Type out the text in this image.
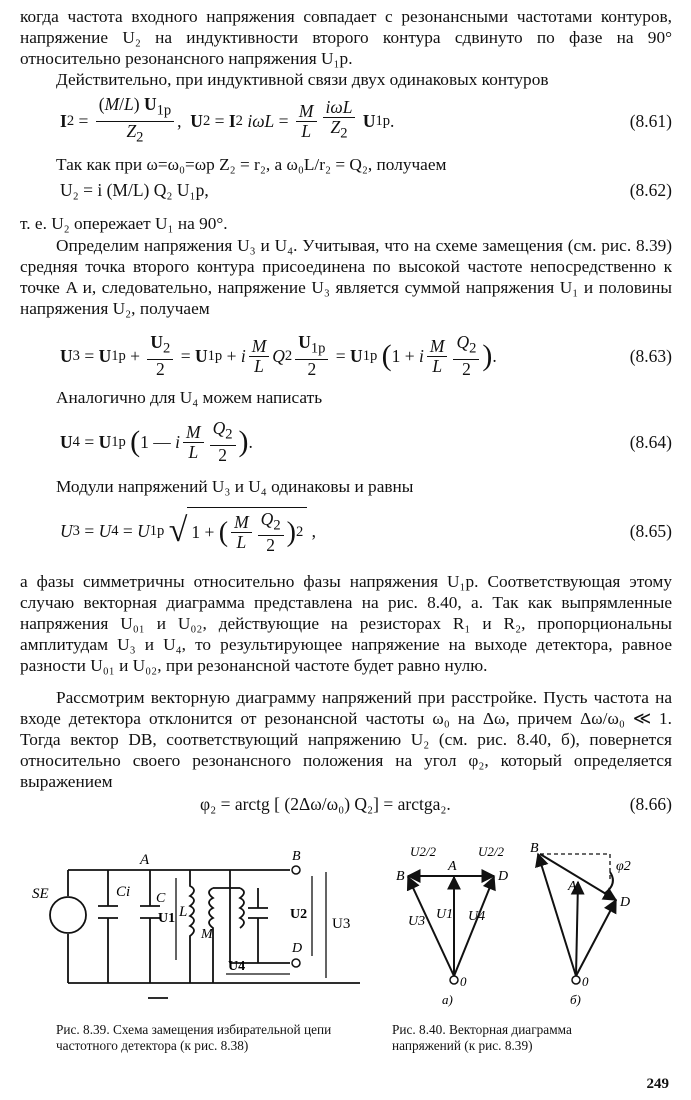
когда частота входного напряжения совпадает с резонансными частотами контуров, напряжение U₂ на индуктивности второго контура сдвинуто по фазе на 90° относительно резонансного напряжения U₁р.

Действительно, при индуктивной связи двух одинаковых контуров

I $2 = \frac{(M/L) U_{1р}}{Z_2}$ , U 2 = I 2
$i\omega L = \frac{M}{L} \frac{\text{iωL}}{Z_2}$
U 1р .	(8.61)

Так как при ω=ω₀=ωр Z₂ = r₂, а ω₀L/r₂ = Q₂, получаем

U₂ = i (M/L) Q₂ U₁р,	(8.62)

т. е. U₂ опережает U₁ на 90°.

Определим напряжения U₃ и U₄. Учитывая, что на схеме замещения (см. рис. 8.39) средняя точка второго контура присоединена по высокой частоте непосредственно к точке A и, следовательно, напряжение U₃ является суммой напряжения U₁ и половины напряжения U₂, получаем

U 3 = U $1р + \frac{U_2}{2} = U$ 1р + i $\frac{M}{L}$ Q $2 \frac{U_{1р}}{2} = U$ 1р
( 1 + i $\frac{M}{L} \frac{Q_2}{2}$ ) .	(8.63)

Аналогично для U₄ можем написать

U 4 = U 1р
( 1 — i $\frac{M}{L} \frac{Q_2}{2}$ ) .	(8.64)

Модули напряжений U₃ и U₄ одинаковы и равны

U 3 = U 4 = U 1р
√ 1 + ( $\frac{M}{L} \frac{Q_2}{2}$ ) 2 ,	(8.65)

а фазы симметричны относительно фазы напряжения U₁р. Соответствующая этому случаю векторная диаграмма представлена на рис. 8.40, а. Так как выпрямленные напряжения U₀₁ и U₀₂, действующие на резисторах R₁ и R₂, пропорциональны амплитудам U₃ и U₄, то результирующее напряжение на выходе детектора, равное разности U₀₁ и U₀₂, при резонансной частоте будет равно нулю.

Рассмотрим векторную диаграмму напряжений при расстройке. Пусть частота на входе детектора отклонится от резонансной частоты ω₀ на Δω, причем Δω/ω₀ ≪ 1. Тогда вектор DB, соответствующий напряжению U₂ (см. рис. 8.40, б), повернется относительно своего резонансного положения на угол φ₂, который определяется выражением

φ₂ = arctg [ (2Δω/ω₀) Q₂] = arctga₂.	(8.66)
SE	Ci C
U1 L
M
A	B
D
U2
U3
U4
U2/2	U2/2
A
B	D
U3 U1 U4
0
а)
B
A
D
φ2
0
б)

Рис. 8.39. Схема замещения избирательной цепи частотного детектора (к рис. 8.38)

Рис. 8.40. Векторная диаграмма напряжений (к рис. 8.39)

249
